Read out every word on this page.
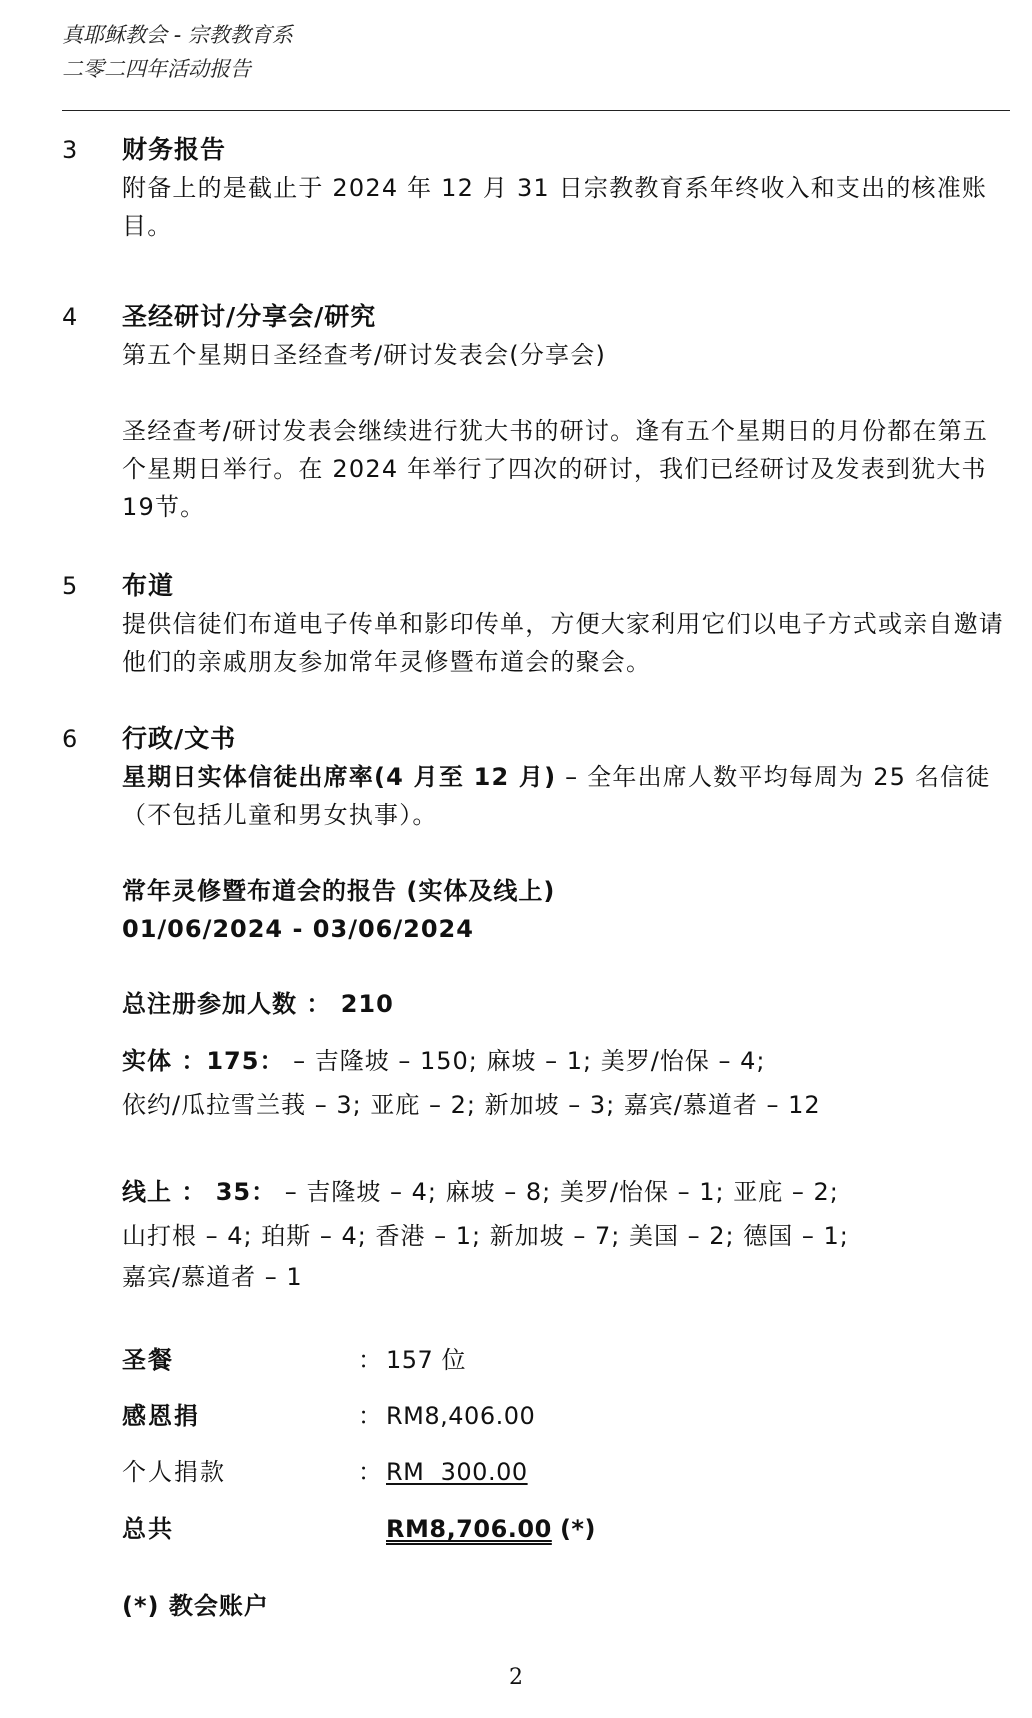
真耶稣教会 - 宗教教育系
二零二四年活动报告
3 财务报告
附备上的是截止于 2024 年 12 月 31 日宗教教育系年终收入和支出的核准账目。
4 圣经研讨/分享会/研究
第五个星期日圣经查考/研讨发表会(分享会)
圣经查考/研讨发表会继续进行犹大书的研讨。逢有五个星期日的月份都在第五个星期日举行。在 2024 年举行了四次的研讨，我们已经研讨及发表到犹大书19节。
5 布道
提供信徒们布道电子传单和影印传单，方便大家利用它们以电子方式或亲自邀请他们的亲戚朋友参加常年灵修暨布道会的聚会。
6 行政/文书
星期日实体信徒出席率(4 月至 12 月) – 全年出席人数平均每周为 25 名信徒（不包括儿童和男女执事）。
常年灵修暨布道会的报告 (实体及线上)
01/06/2024 - 03/06/2024
总注册参加人数 ： 210
实体 ：175： – 吉隆坡 – 150; 麻坡 – 1; 美罗/怡保 – 4;
依约/瓜拉雪兰莪 – 3; 亚庇 – 2; 新加坡 – 3; 嘉宾/慕道者 – 12
线上 ： 35： – 吉隆坡 – 4; 麻坡 – 8; 美罗/怡保 – 1; 亚庇 – 2;
山打根 – 4; 珀斯 – 4; 香港 – 1; 新加坡 – 7; 美国 – 2; 德国 – 1;
嘉宾/慕道者 – 1
圣餐	： 157 位
感恩捐	： RM8,406.00
个人捐款	： RM  300.00
总共	RM8,706.00 (*)
(*) 教会账户
2
